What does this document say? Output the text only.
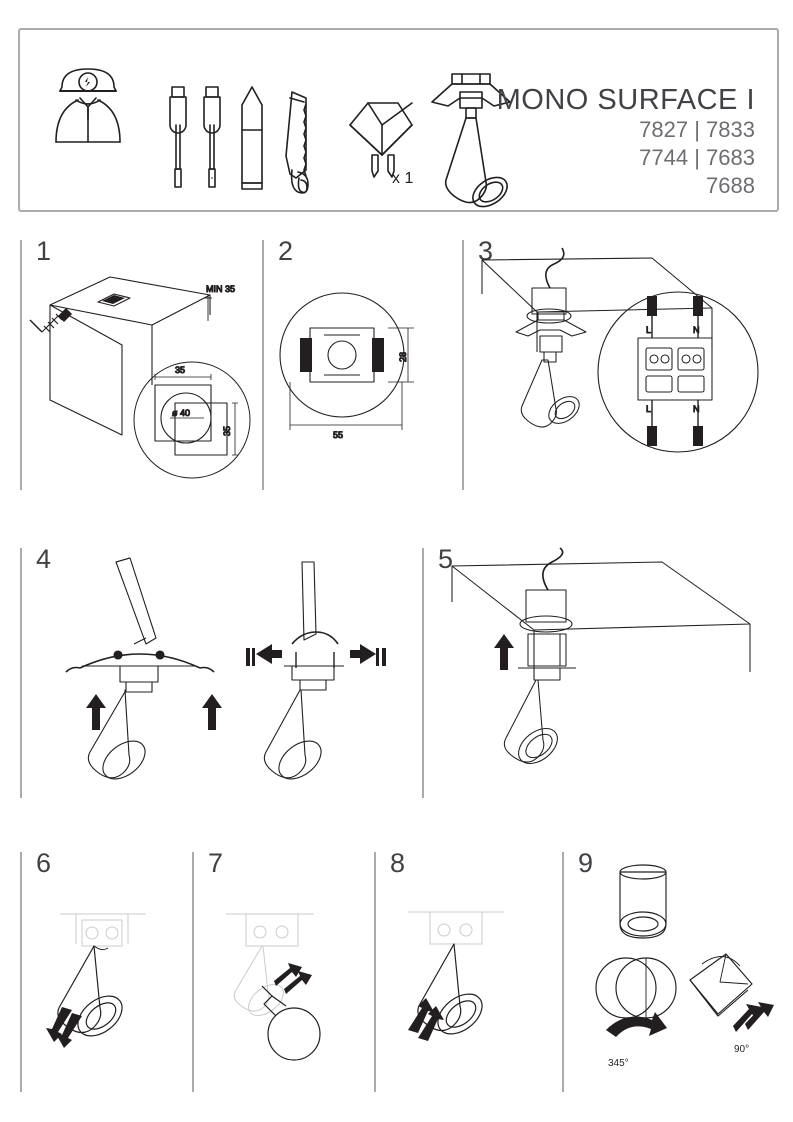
x 1
MONO SURFACE I
7827 | 7833
7744 | 7683
7688
1
MIN 35
35
35
ø 40
2
28
55
3
L	N
L	N
4	5
6	7	8	9
345°
90°
